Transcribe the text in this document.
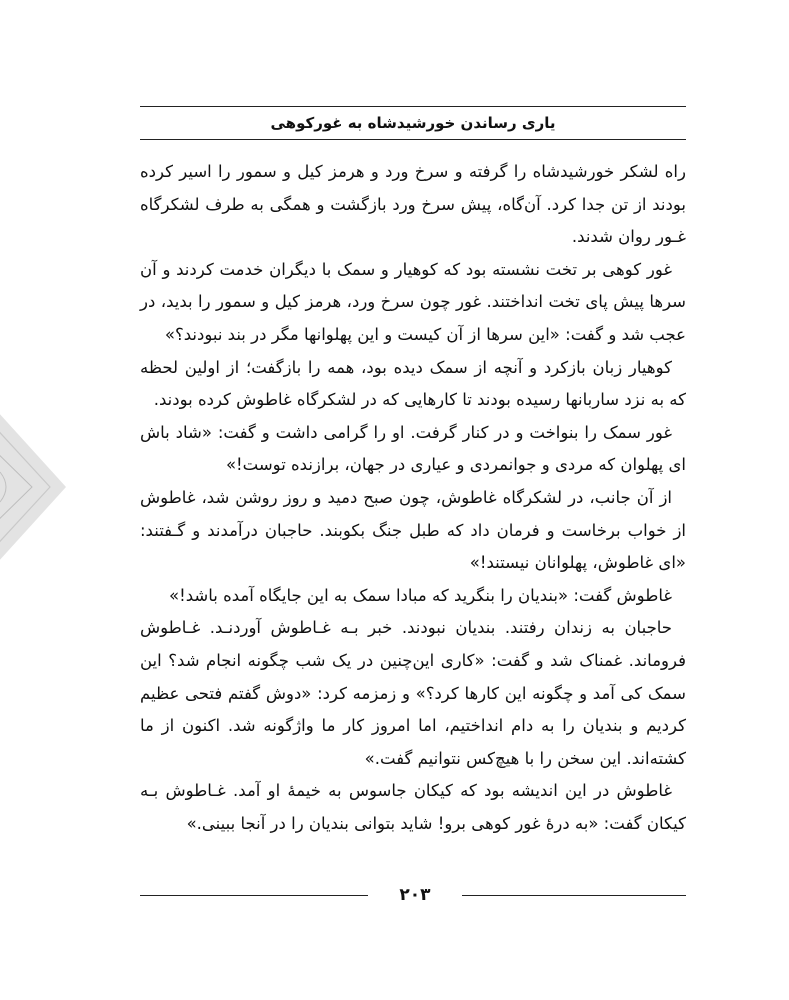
یاری رساندن خورشیدشاه به غورکوهی

راه لشکر خورشیدشاه را گرفته و سرخ ورد و هرمز کیل و سمور را اسیر کرده بودند از تن جدا کرد. آن‌گاه، پیش سرخ ورد بازگشت و همگی به طرف لشکرگاه غـور روان شدند.

غور کوهی بر تخت نشسته بود که کوهیار و سمک با دیگران خدمت کردند و آن سرها پیش پای تخت انداختند. غور چون سرخ ورد، هرمز کیل و سمور را بدید، در عجب شد و گفت: «این سرها از آن کیست و این پهلوانها مگر در بند نبودند؟»

کوهیار زبان بازکرد و آنچه از سمک دیده بود، همه را بازگفت؛ از اولین لحظه که به نزد ساربانها رسیده بودند تا کارهایی که در لشکرگاه غاطوش کرده بودند.

غور سمک را بنواخت و در کنار گرفت. او را گرامی داشت و گفت: «شاد باش ای پهلوان که مردی و جوانمردی و عیاری در جهان، برازنده توست!»

از آن جانب، در لشکرگاه غاطوش، چون صبح دمید و روز روشن شد، غاطوش از خواب برخاست و فرمان داد که طبل جنگ بکوبند. حاجبان درآمدند و گـفتند: «ای غاطوش، پهلوانان نیستند!»

غاطوش گفت: «بندیان را بنگرید که مبادا سمک به این جایگاه آمده باشد!»

حاجبان به زندان رفتند. بندیان نبودند. خبر بـه غـاطوش آوردنـد. غـاطوش فروماند. غمناک شد و گفت: «کاری این‌چنین در یک شب چگونه انجام شد؟ این سمک کی آمد و چگونه این کارها کرد؟» و زمزمه کرد: «دوش گفتم فتحی عظیم کردیم و بندیان را به دام انداختیم، اما امروز کار ما واژگونه شد. اکنون از ما کشته‌اند. این سخن را با هیچ‌کس نتوانیم گفت.»

غاطوش در این اندیشه بود که کیکان جاسوس به خیمهٔ او آمد. غـاطوش بـه کیکان گفت: «به درهٔ غور کوهی برو! شاید بتوانی بندیان را در آنجا ببینی.»

۲۰۳
